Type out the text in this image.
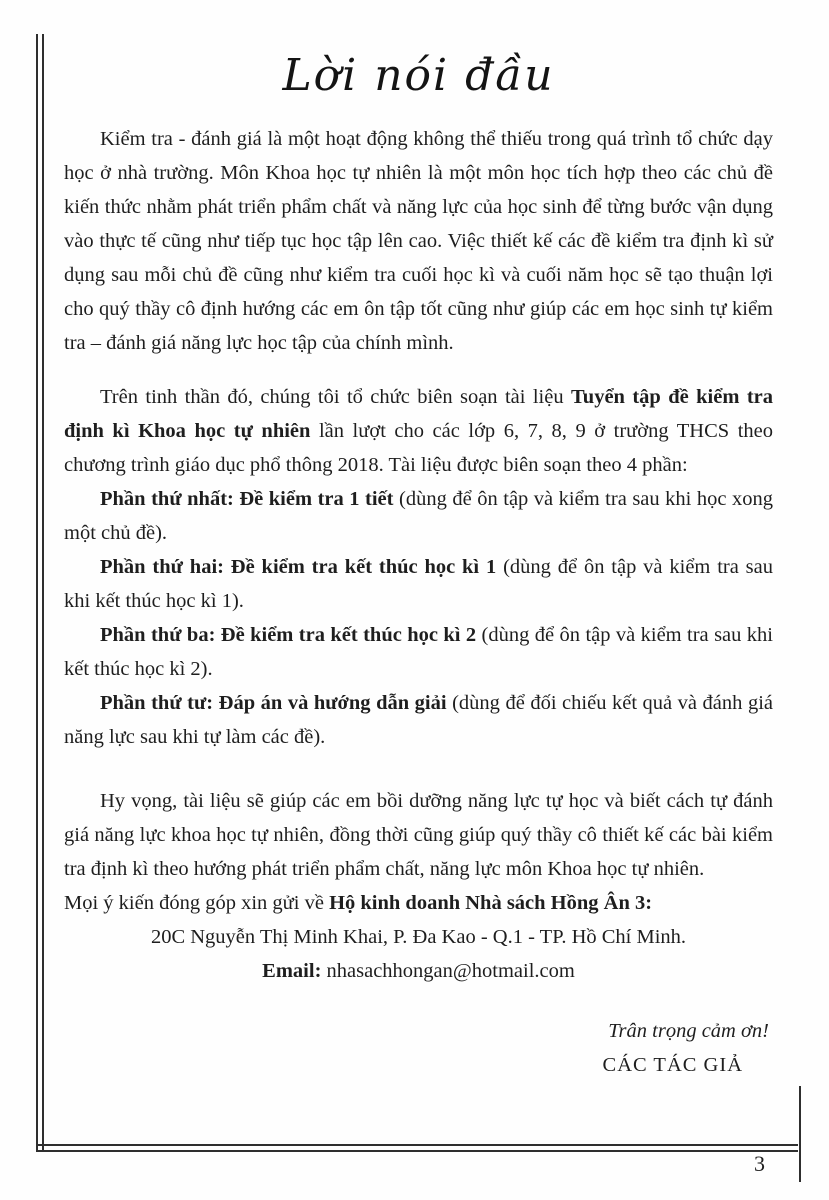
Lời nói đầu

Kiểm tra - đánh giá là một hoạt động không thể thiếu trong quá trình tổ chức dạy học ở nhà trường. Môn Khoa học tự nhiên là một môn học tích hợp theo các chủ đề kiến thức nhằm phát triển phẩm chất và năng lực của học sinh để từng bước vận dụng vào thực tế cũng như tiếp tục học tập lên cao. Việc thiết kế các đề kiểm tra định kì sử dụng sau mỗi chủ đề cũng như kiểm tra cuối học kì và cuối năm học sẽ tạo thuận lợi cho quý thầy cô định hướng các em ôn tập tốt cũng như giúp các em học sinh tự kiểm tra – đánh giá năng lực học tập của chính mình.

Trên tinh thần đó, chúng tôi tổ chức biên soạn tài liệu Tuyển tập đề kiểm tra định kì Khoa học tự nhiên lần lượt cho các lớp 6, 7, 8, 9 ở trường THCS theo chương trình giáo dục phổ thông 2018. Tài liệu được biên soạn theo 4 phần:

Phần thứ nhất: Đề kiểm tra 1 tiết (dùng để ôn tập và kiểm tra sau khi học xong một chủ đề).

Phần thứ hai: Đề kiểm tra kết thúc học kì 1 (dùng để ôn tập và kiểm tra sau khi kết thúc học kì 1).

Phần thứ ba: Đề kiểm tra kết thúc học kì 2 (dùng để ôn tập và kiểm tra sau khi kết thúc học kì 2).

Phần thứ tư: Đáp án và hướng dẫn giải (dùng để đối chiếu kết quả và đánh giá năng lực sau khi tự làm các đề).

Hy vọng, tài liệu sẽ giúp các em bồi dưỡng năng lực tự học và biết cách tự đánh giá năng lực khoa học tự nhiên, đồng thời cũng giúp quý thầy cô thiết kế các bài kiểm tra định kì theo hướng phát triển phẩm chất, năng lực môn Khoa học tự nhiên.

Mọi ý kiến đóng góp xin gửi về Hộ kinh doanh Nhà sách Hồng Ân 3:

20C Nguyễn Thị Minh Khai, P. Đa Kao - Q.1 - TP. Hồ Chí Minh.

Email: nhasachhongan@hotmail.com

Trân trọng cảm ơn!
CÁC TÁC GIẢ
3
